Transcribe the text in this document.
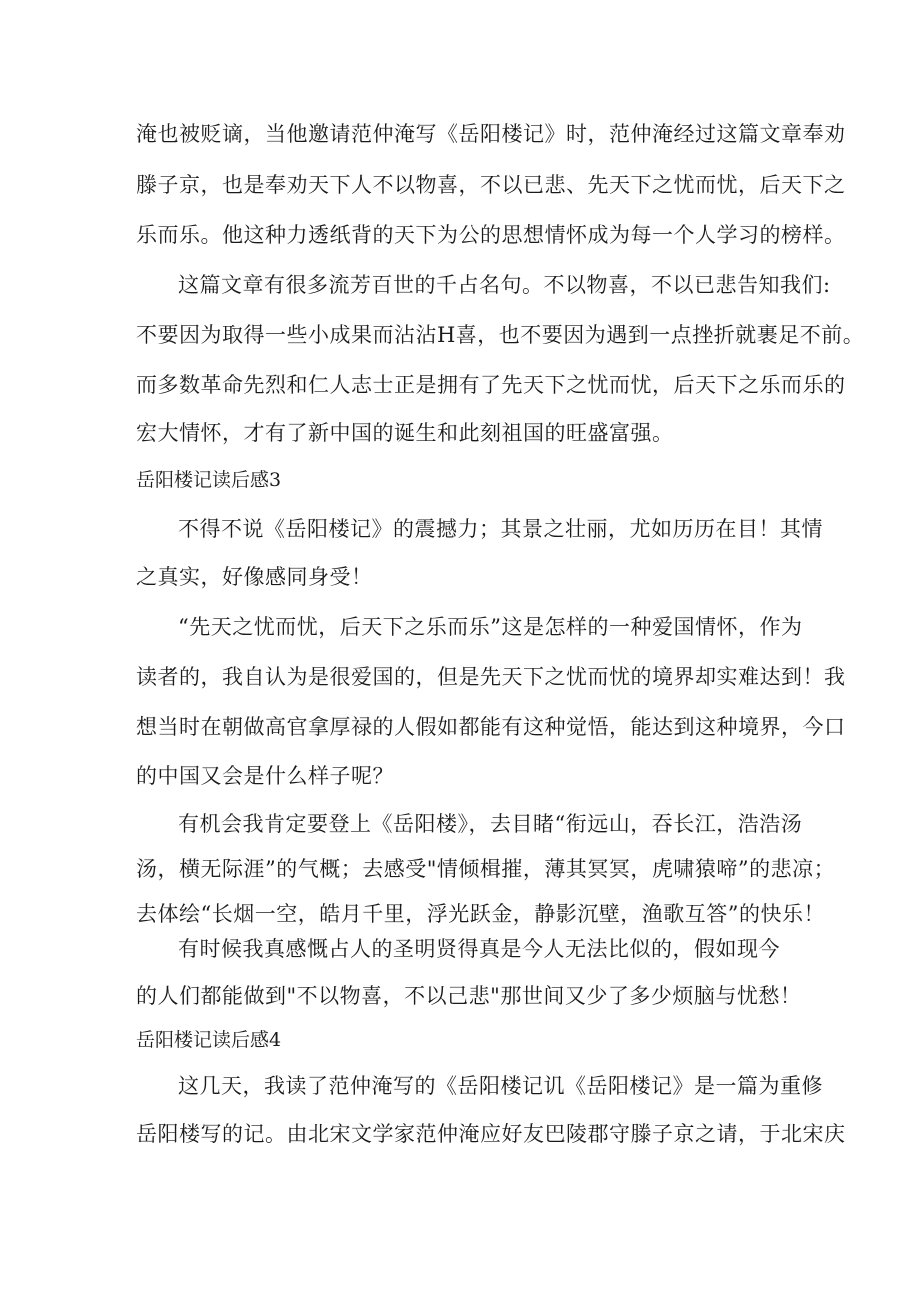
淹也被贬谪，当他邀请范仲淹写《岳阳楼记》时，范仲淹经过这篇文章奉劝
滕子京，也是奉劝天下人不以物喜，不以已悲、先天下之忧而忧，后天下之
乐而乐。他这种力透纸背的天下为公的思想情怀成为每一个人学习的榜样。
这篇文章有很多流芳百世的千占名句。不以物喜，不以已悲告知我们:
不要因为取得一些小成果而沾沾H喜，也不要因为遇到一点挫折就裹足不前。
而多数革命先烈和仁人志士正是拥有了先天下之忧而忧，后天下之乐而乐的
宏大情怀，才有了新中国的诞生和此刻祖国的旺盛富强。
岳阳楼记读后感3
不得不说《岳阳楼记》的震撼力；其景之壮丽，尤如历历在目！其情
之真实，好像感同身受！
“先天之忧而忧，后天下之乐而乐”这是怎样的一种爱国情怀，作为
读者的，我自认为是很爱国的，但是先天下之忧而忧的境界却实难达到！我
想当时在朝做高官拿厚禄的人假如都能有这种觉悟，能达到这种境界，今口
的中国又会是什么样子呢？
有机会我肯定要登上《岳阳楼》，去目睹“衔远山，吞长江，浩浩汤
汤，横无际涯”的气概；去感受"情倾楫摧，薄其冥冥，虎啸猿啼”的悲凉；
去体绘“长烟一空，皓月千里，浮光跃金，静影沉壁，渔歌互答”的快乐！
有时候我真感慨占人的圣明贤得真是今人无法比似的，假如现今
的人们都能做到"不以物喜，不以己悲"那世间又少了多少烦脑与忧愁！
岳阳楼记读后感4
这几天，我读了范仲淹写的《岳阳楼记讥《岳阳楼记》是一篇为重修
岳阳楼写的记。由北宋文学家范仲淹应好友巴陵郡守滕子京之请，于北宋庆
